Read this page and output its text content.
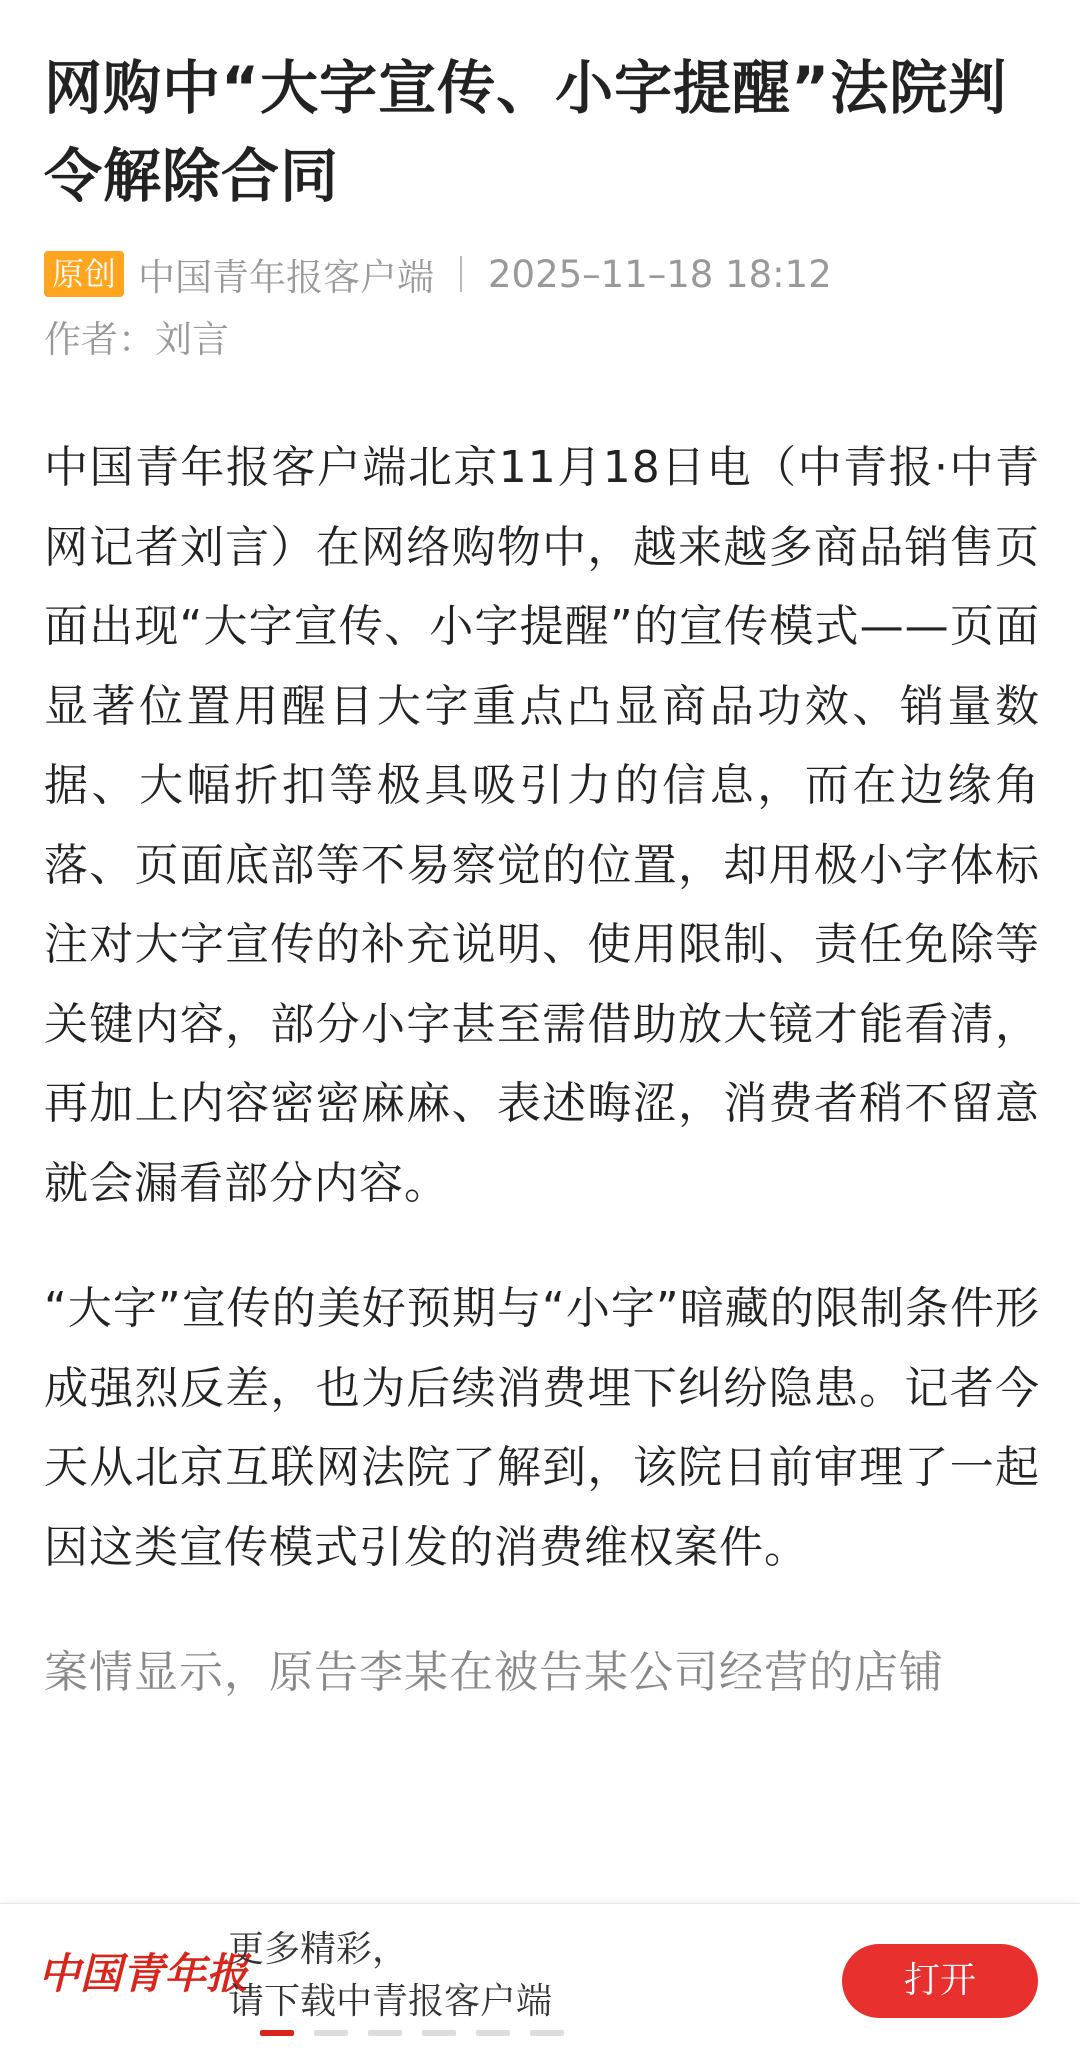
网购中“大字宣传、小字提醒”法院判令解除合同
原创 中国青年报客户端 2025–11–18 18:12
作者：刘言

中国青年报客户端北京11月18日电（中青报·中青网记者刘言）在网络购物中，越来越多商品销售页面出现“大字宣传、小字提醒”的宣传模式——页面显著位置用醒目大字重点凸显商品功效、销量数据、大幅折扣等极具吸引力的信息，而在边缘角落、页面底部等不易察觉的位置，却用极小字体标注对大字宣传的补充说明、使用限制、责任免除等关键内容，部分小字甚至需借助放大镜才能看清，再加上内容密密麻麻、表述晦涩，消费者稍不留意就会漏看部分内容。

“大字”宣传的美好预期与“小字”暗藏的限制条件形成强烈反差，也为后续消费埋下纠纷隐患。记者今天从北京互联网法院了解到，该院日前审理了一起因这类宣传模式引发的消费维权案件。

案情显示，原告李某在被告某公司经营的店铺

中国青年报
更多精彩，
请下载中青报客户端
打开
